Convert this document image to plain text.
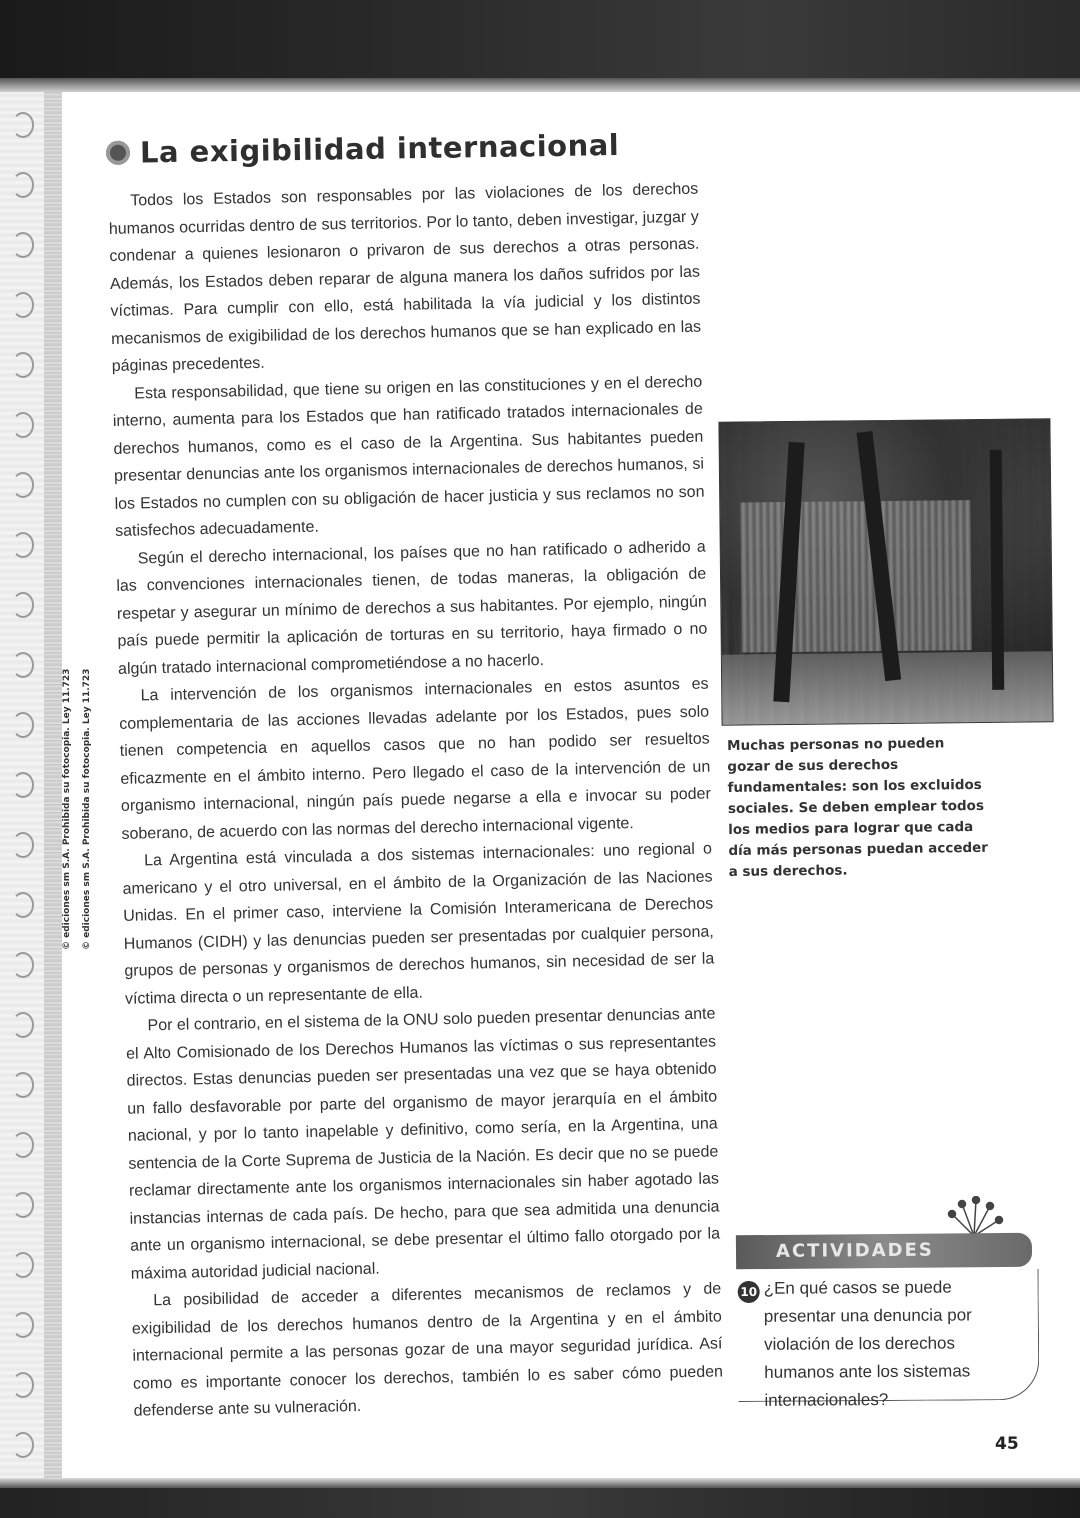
© ediciones sm S.A. Prohibida su fotocopia. Ley 11.723	© ediciones sm S.A. Prohibida su fotocopia. Ley 11.723
La exigibilidad internacional

Todos los Estados son responsables por las violaciones de los derechos humanos ocurridas dentro de sus territorios. Por lo tanto, deben investigar, juzgar y condenar a quienes lesionaron o privaron de sus derechos a otras personas. Además, los Estados deben reparar de alguna manera los daños sufridos por las víctimas. Para cumplir con ello, está habilitada la vía judicial y los distintos mecanismos de exigibilidad de los derechos humanos que se han explicado en las páginas precedentes.

Esta responsabilidad, que tiene su origen en las constituciones y en el derecho interno, aumenta para los Estados que han ratificado tratados internacionales de derechos humanos, como es el caso de la Argentina. Sus habitantes pueden presentar denuncias ante los organismos internacionales de derechos humanos, si los Estados no cumplen con su obligación de hacer justicia y sus reclamos no son satisfechos adecuadamente.

Según el derecho internacional, los países que no han ratificado o adherido a las convenciones internacionales tienen, de todas maneras, la obligación de respetar y asegurar un mínimo de derechos a sus habitantes. Por ejemplo, ningún país puede permitir la aplicación de torturas en su territorio, haya firmado o no algún tratado internacional comprometiéndose a no hacerlo.

La intervención de los organismos internacionales en estos asuntos es complementaria de las acciones llevadas adelante por los Estados, pues solo tienen competencia en aquellos casos que no han podido ser resueltos eficazmente en el ámbito interno. Pero llegado el caso de la intervención de un organismo internacional, ningún país puede negarse a ella e invocar su poder soberano, de acuerdo con las normas del derecho internacional vigente.

La Argentina está vinculada a dos sistemas internacionales: uno regional o americano y el otro universal, en el ámbito de la Organización de las Naciones Unidas. En el primer caso, interviene la Comisión Interamericana de Derechos Humanos (CIDH) y las denuncias pueden ser presentadas por cualquier persona, grupos de personas y organismos de derechos humanos, sin necesidad de ser la víctima directa o un representante de ella.

Por el contrario, en el sistema de la ONU solo pueden presentar denuncias ante el Alto Comisionado de los Derechos Humanos las víctimas o sus representantes directos. Estas denuncias pueden ser presentadas una vez que se haya obtenido un fallo desfavorable por parte del organismo de mayor jerarquía en el ámbito nacional, y por lo tanto inapelable y definitivo, como sería, en la Argentina, una sentencia de la Corte Suprema de Justicia de la Nación. Es decir que no se puede reclamar directamente ante los organismos internacionales sin haber agotado las instancias internas de cada país. De hecho, para que sea admitida una denuncia ante un organismo internacional, se debe presentar el último fallo otorgado por la máxima autoridad judicial nacional.

La posibilidad de acceder a diferentes mecanismos de reclamos y de exigibilidad de los derechos humanos dentro de la Argentina y en el ámbito internacional permite a las personas gozar de una mayor seguridad jurídica. Así como es importante conocer los derechos, también lo es saber cómo pueden defenderse ante su vulneración.

Muchas personas no pueden gozar de sus derechos fundamentales: son los excluidos sociales. Se deben emplear todos los medios para lograr que cada día más personas puedan acceder a sus derechos.
ACTIVIDADES
10 ¿En qué casos se puede presentar una denuncia por violación de los derechos humanos ante los sistemas internacionales?
45
